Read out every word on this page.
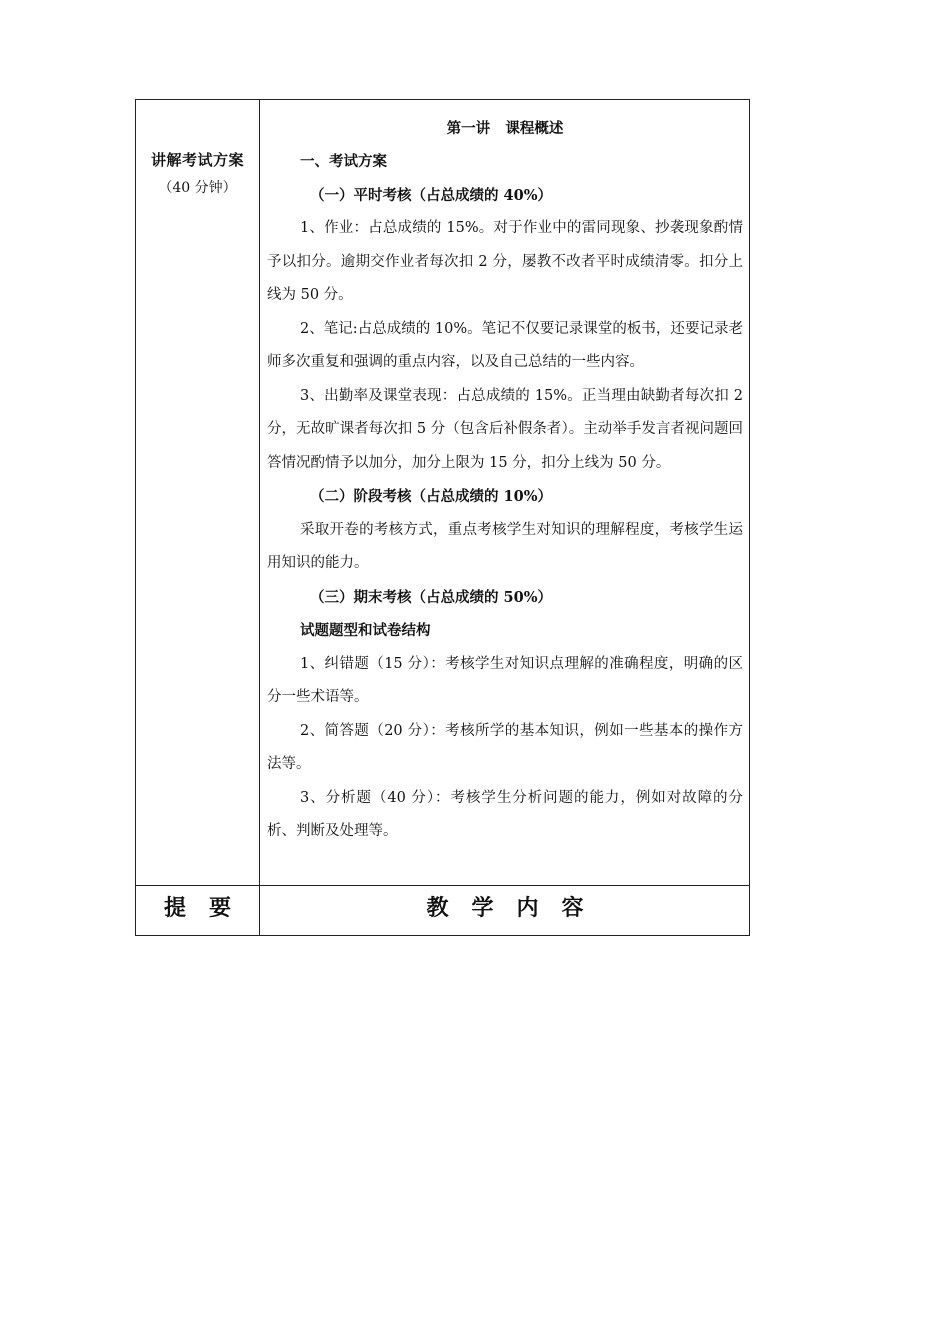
讲解考试方案
（40 分钟）
第一讲   课程概述

一、考试方案

（一）平时考核（占总成绩的 40%）

1、作业：占总成绩的 15%。对于作业中的雷同现象、抄袭现象酌情予以扣分。逾期交作业者每次扣 2 分，屡教不改者平时成绩清零。扣分上线为 50 分。

2、笔记:占总成绩的 10%。笔记不仅要记录课堂的板书，还要记录老师多次重复和强调的重点内容，以及自己总结的一些内容。

3、出勤率及课堂表现：占总成绩的 15%。正当理由缺勤者每次扣 2 分，无故旷课者每次扣 5 分（包含后补假条者）。主动举手发言者视问题回答情况酌情予以加分，加分上限为 15 分，扣分上线为 50 分。

（二）阶段考核（占总成绩的 10%）

采取开卷的考核方式，重点考核学生对知识的理解程度，考核学生运用知识的能力。

（三）期末考核（占总成绩的 50%）

试题题型和试卷结构

1、纠错题（15 分）：考核学生对知识点理解的准确程度，明确的区分一些术语等。

2、简答题（20 分）：考核所学的基本知识，例如一些基本的操作方法等。

3、分析题（40 分）：考核学生分析问题的能力，例如对故障的分析、判断及处理等。

提   要	教   学   内   容
